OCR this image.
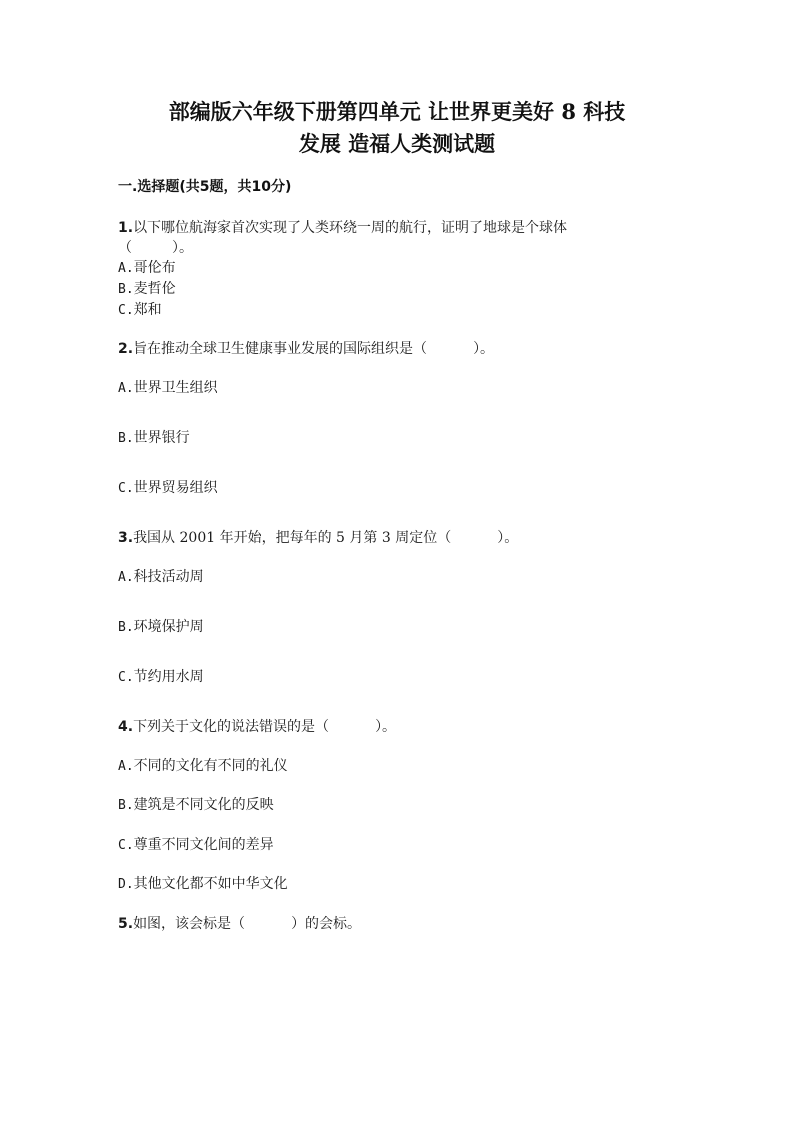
部编版六年级下册第四单元 让世界更美好 8 科技
发展 造福人类测试题
一.选择题(共5题，共10分)
1.以下哪位航海家首次实现了人类环绕一周的航行，证明了地球是个球体
（	）。
A.哥伦布
B.麦哲伦
C.郑和
2.旨在推动全球卫生健康事业发展的国际组织是（	）。
A.世界卫生组织
B.世界银行
C.世界贸易组织
3.我国从 2001 年开始，把每年的 5 月第 3 周定位（	）。
A.科技活动周
B.环境保护周
C.节约用水周
4.下列关于文化的说法错误的是（	）。
A.不同的文化有不同的礼仪
B.建筑是不同文化的反映
C.尊重不同文化间的差异
D.其他文化都不如中华文化
5.如图，该会标是（	）的会标。
